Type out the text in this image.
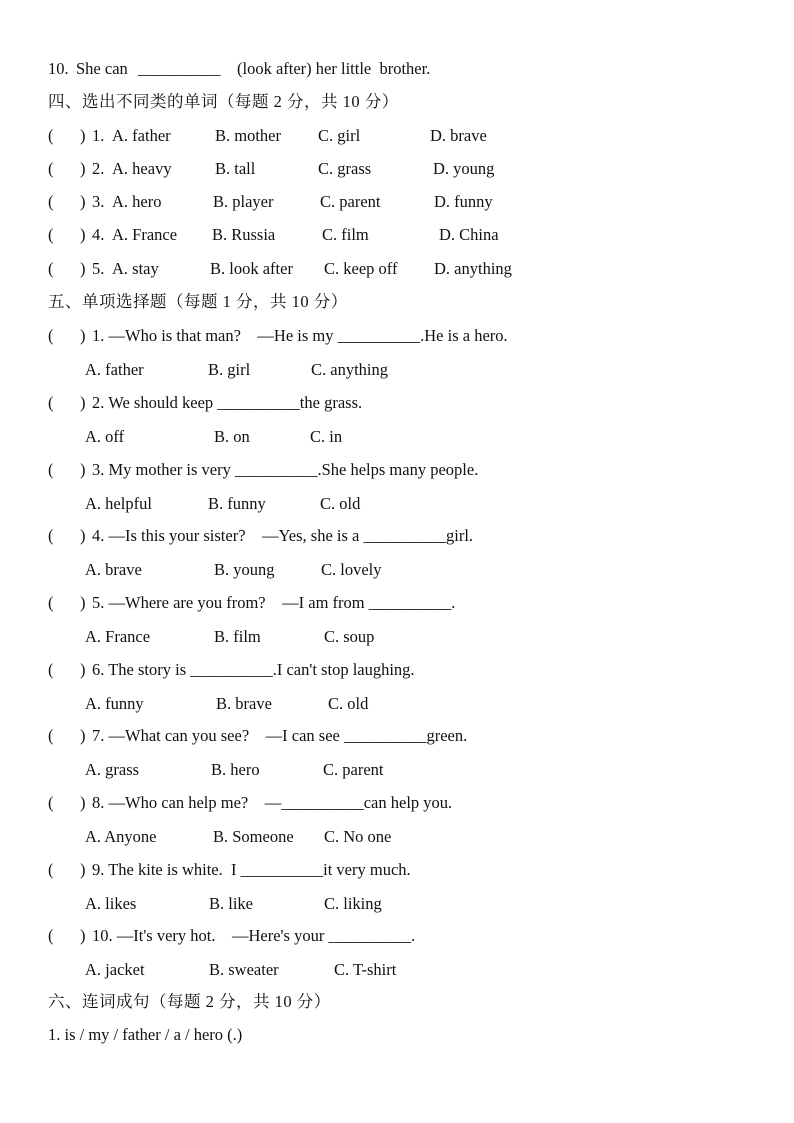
10. She can __________ (look after) her little  brother.
四、选出不同类的单词（每题 2 分，共 10 分）
( ) 1. A. father	B. mother C. girl	D. brave
( ) 2. A. heavy	B. tall	C. grass	D. young
( ) 3. A. hero	B. player	C. parent	D. funny
( ) 4. A. France B. Russia	C. film	D. China
( ) 5. A. stay	B. look after C. keep off D. anything
五、单项选择题（每题 1 分，共 10 分）
( ) 1. —Who is that man?    —He is my __________.He is a hero.
A. father	B. girl	C. anything
( ) 2. We should keep __________the grass.
A. off	B. on	C. in
( ) 3. My mother is very __________.She helps many people.
A. helpful	B. funny	C. old
( ) 4. —Is this your sister?    —Yes, she is a __________girl.
A. brave	B. young	C. lovely
( ) 5. —Where are you from?    —I am from __________.
A. France	B. film	C. soup
( ) 6. The story is __________.I can't stop laughing.
A. funny	B. brave	C. old
( ) 7. —What can you see?    —I can see __________green.
A. grass	B. hero	C. parent
( ) 8. —Who can help me?    —__________can help you.
A. Anyone	B. Someone C. No one
( ) 9. The kite is white.  I __________it very much.
A. likes	B. like	C. liking
( ) 10. —It's very hot.    —Here's your __________.
A. jacket	B. sweater	C. T-shirt
六、连词成句（每题 2 分，共 10 分）
1. is / my / father / a / hero (.)
